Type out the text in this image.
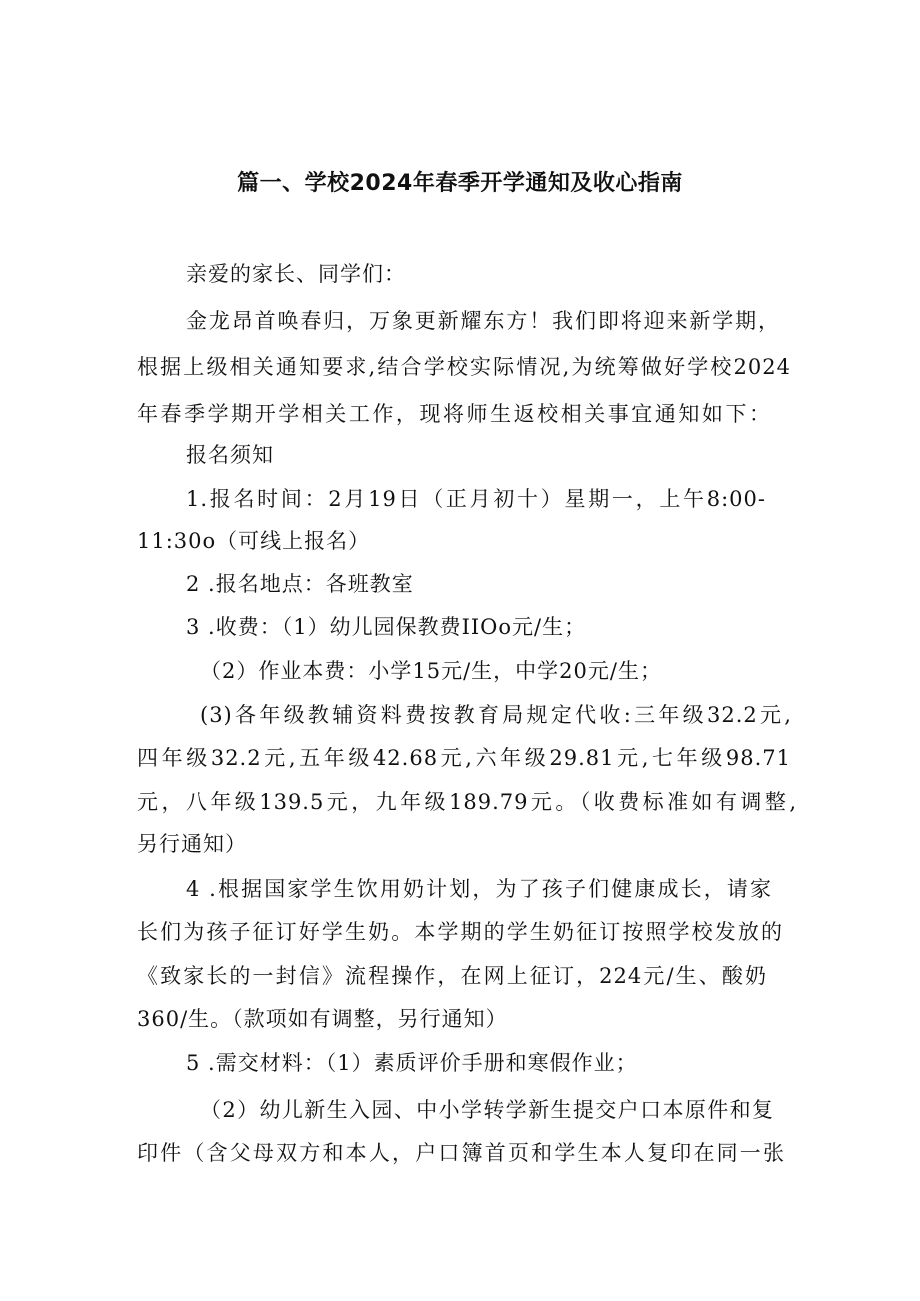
篇一、学校2024年春季开学通知及收心指南
亲爱的家长、同学们：
金龙昂首唤春归，万象更新耀东方！我们即将迎来新学期，
根据上级相关通知要求,结合学校实际情况,为统筹做好学校2024
年春季学期开学相关工作，现将师生返校相关事宜通知如下：
报名须知
1.报名时间：2月19日（正月初十）星期一，上午8:00-
11:30o（可线上报名）
2 .报名地点：各班教室
3 .收费：（1）幼儿园保教费IIOo元/生；
（2）作业本费：小学15元/生，中学20元/生；
(3)各年级教辅资料费按教育局规定代收:三年级32.2元,
四年级32.2元,五年级42.68元,六年级29.81元,七年级98.71
元，八年级139.5元，九年级189.79元。（收费标准如有调整,
另行通知）
4 .根据国家学生饮用奶计划，为了孩子们健康成长，请家
长们为孩子征订好学生奶。本学期的学生奶征订按照学校发放的
《致家长的一封信》流程操作，在网上征订，224元/生、酸奶
360/生。（款项如有调整，另行通知）
5 .需交材料：（1）素质评价手册和寒假作业；
（2）幼儿新生入园、中小学转学新生提交户口本原件和复
印件（含父母双方和本人，户口簿首页和学生本人复印在同一张
